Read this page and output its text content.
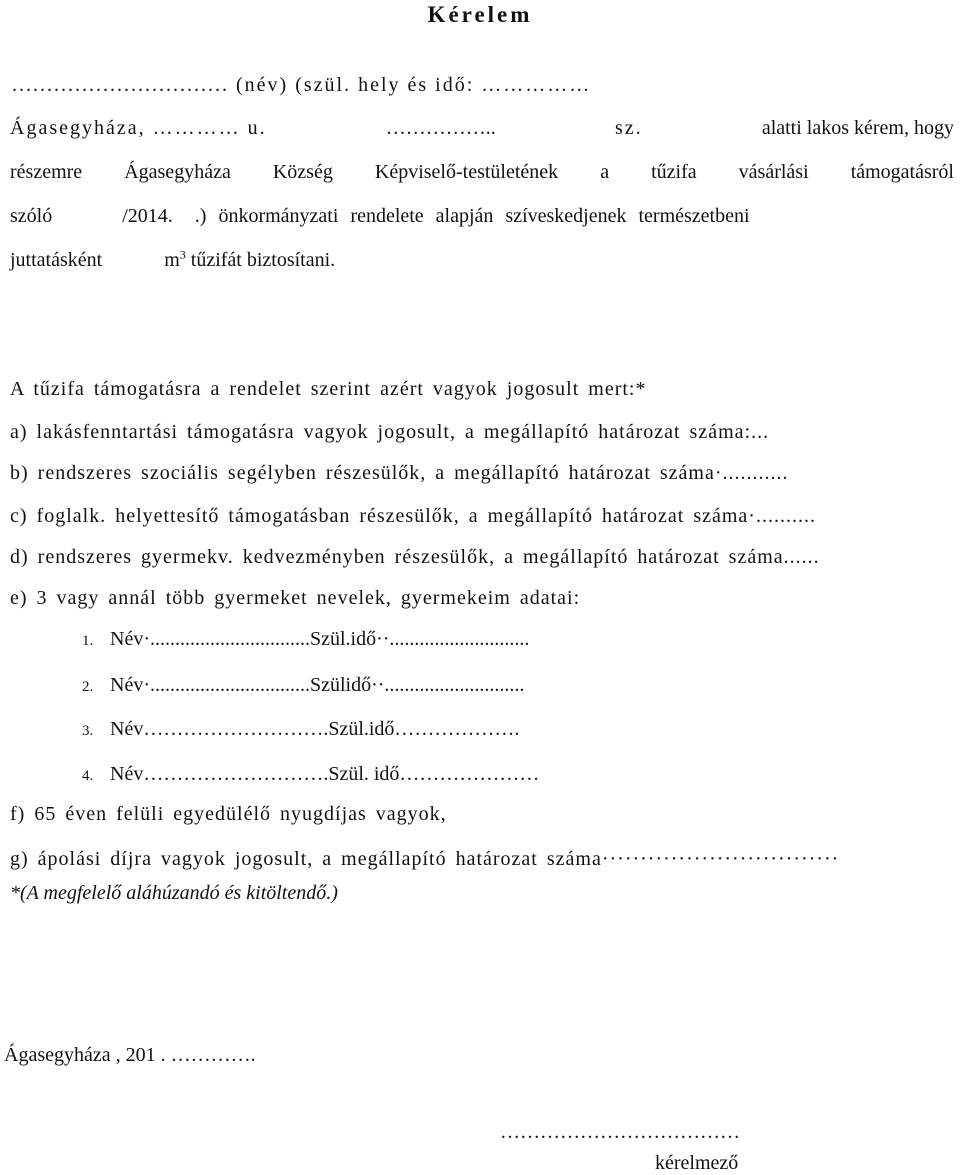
Kérelem
............................... (név) (szül. hely és idő: ……………
Ágasegyháza, ………… u.	……………..	sz.	alatti lakos kérem, hogy
részemre Ágasegyháza Község Képviselő-testületének a tűzifa vásárlási támogatásról
szóló	/2014. .) önkormányzati rendelete alapján szíveskedjenek természetbeni
juttatásként	$m^3$ tűzifát biztosítani.
A tűzifa támogatásra a rendelet szerint azért vagyok jogosult mert:*
a) lakásfenntartási támogatásra vagyok jogosult, a megállapító határozat száma:...
b) rendszeres szociális segélyben részesülők, a megállapító határozat száma·...........
c) foglalk. helyettesítő támogatásban részesülők, a megállapító határozat száma·..........
d) rendszeres gyermekv. kedvezményben részesülők, a megállapító határozat száma......
e) 3 vagy annál több gyermeket nevelek, gyermekeim adatai:
1. Név·................................Szül.idő··............................
2. Név·................................Szülidő··............................
3. Név……………………….Szül.idő……………….
4. Név……………………….Szül. idő…………………
f) 65 éven felüli egyedülélő nyugdíjas vagyok,
g) ápolási díjra vagyok jogosult, a megállapító határozat száma·······························
*(A megfelelő aláhúzandó és kitöltendő.)
Ágasegyháza , 201 . ………….
………………………………
kérelmező
